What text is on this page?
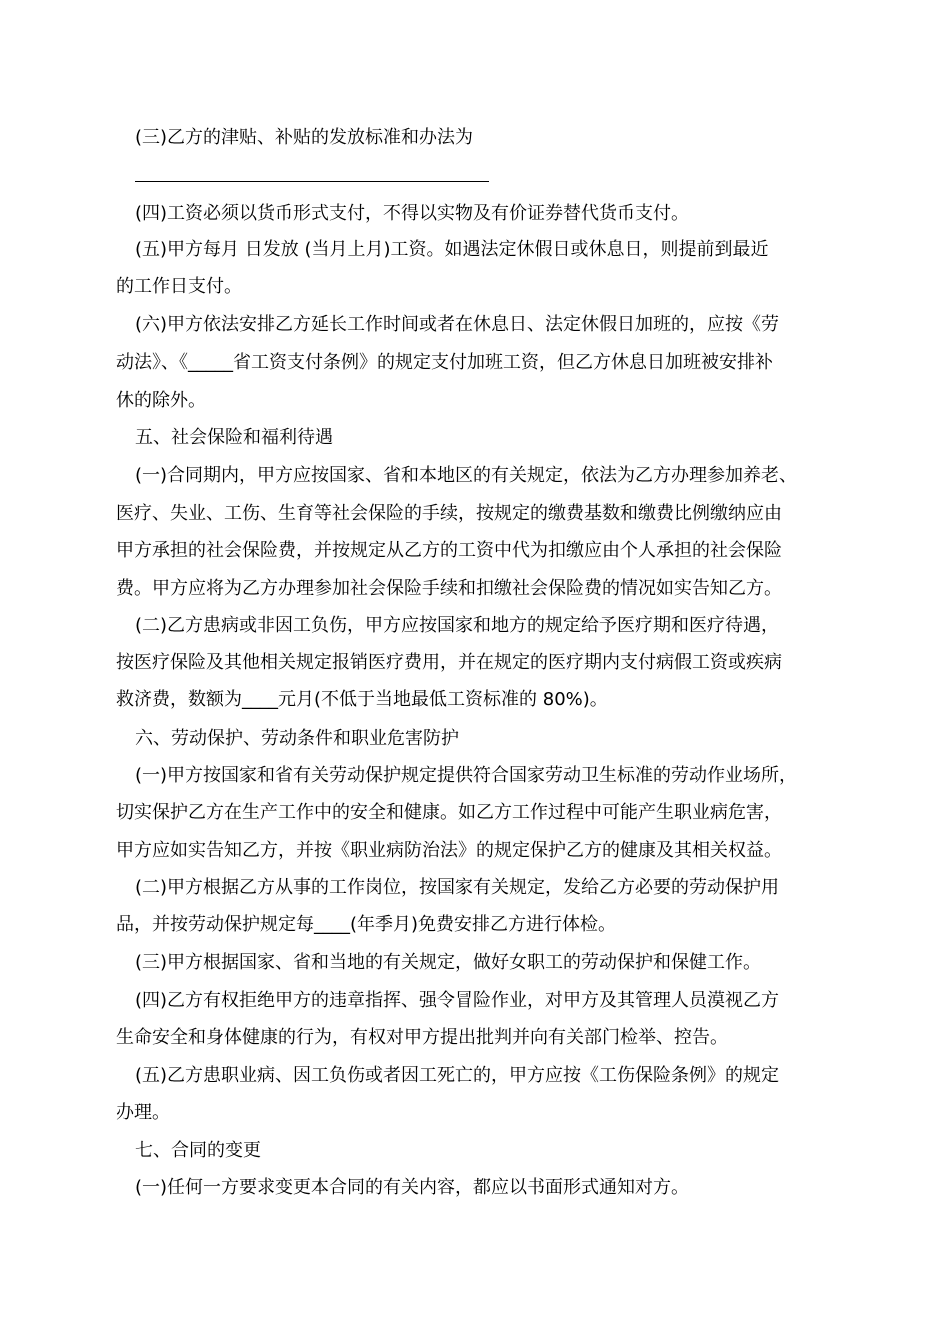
(三)乙方的津贴、补贴的发放标准和办法为
(四)工资必须以货币形式支付，不得以实物及有价证券替代货币支付。
(五)甲方每月 日发放 (当月上月)工资。如遇法定休假日或休息日，则提前到最近
的工作日支付。
(六)甲方依法安排乙方延长工作时间或者在休息日、法定休假日加班的，应按《劳
动法》、《_____省工资支付条例》的规定支付加班工资，但乙方休息日加班被安排补
休的除外。
五、社会保险和福利待遇
(一)合同期内，甲方应按国家、省和本地区的有关规定，依法为乙方办理参加养老、
医疗、失业、工伤、生育等社会保险的手续，按规定的缴费基数和缴费比例缴纳应由
甲方承担的社会保险费，并按规定从乙方的工资中代为扣缴应由个人承担的社会保险
费。甲方应将为乙方办理参加社会保险手续和扣缴社会保险费的情况如实告知乙方。
(二)乙方患病或非因工负伤，甲方应按国家和地方的规定给予医疗期和医疗待遇，
按医疗保险及其他相关规定报销医疗费用，并在规定的医疗期内支付病假工资或疾病
救济费，数额为____元月(不低于当地最低工资标准的 80%)。
六、劳动保护、劳动条件和职业危害防护
(一)甲方按国家和省有关劳动保护规定提供符合国家劳动卫生标准的劳动作业场所，
切实保护乙方在生产工作中的安全和健康。如乙方工作过程中可能产生职业病危害，
甲方应如实告知乙方，并按《职业病防治法》的规定保护乙方的健康及其相关权益。
(二)甲方根据乙方从事的工作岗位，按国家有关规定，发给乙方必要的劳动保护用
品，并按劳动保护规定每____(年季月)免费安排乙方进行体检。
(三)甲方根据国家、省和当地的有关规定，做好女职工的劳动保护和保健工作。
(四)乙方有权拒绝甲方的违章指挥、强令冒险作业，对甲方及其管理人员漠视乙方
生命安全和身体健康的行为，有权对甲方提出批判并向有关部门检举、控告。
(五)乙方患职业病、因工负伤或者因工死亡的，甲方应按《工伤保险条例》的规定
办理。
七、合同的变更
(一)任何一方要求变更本合同的有关内容，都应以书面形式通知对方。
